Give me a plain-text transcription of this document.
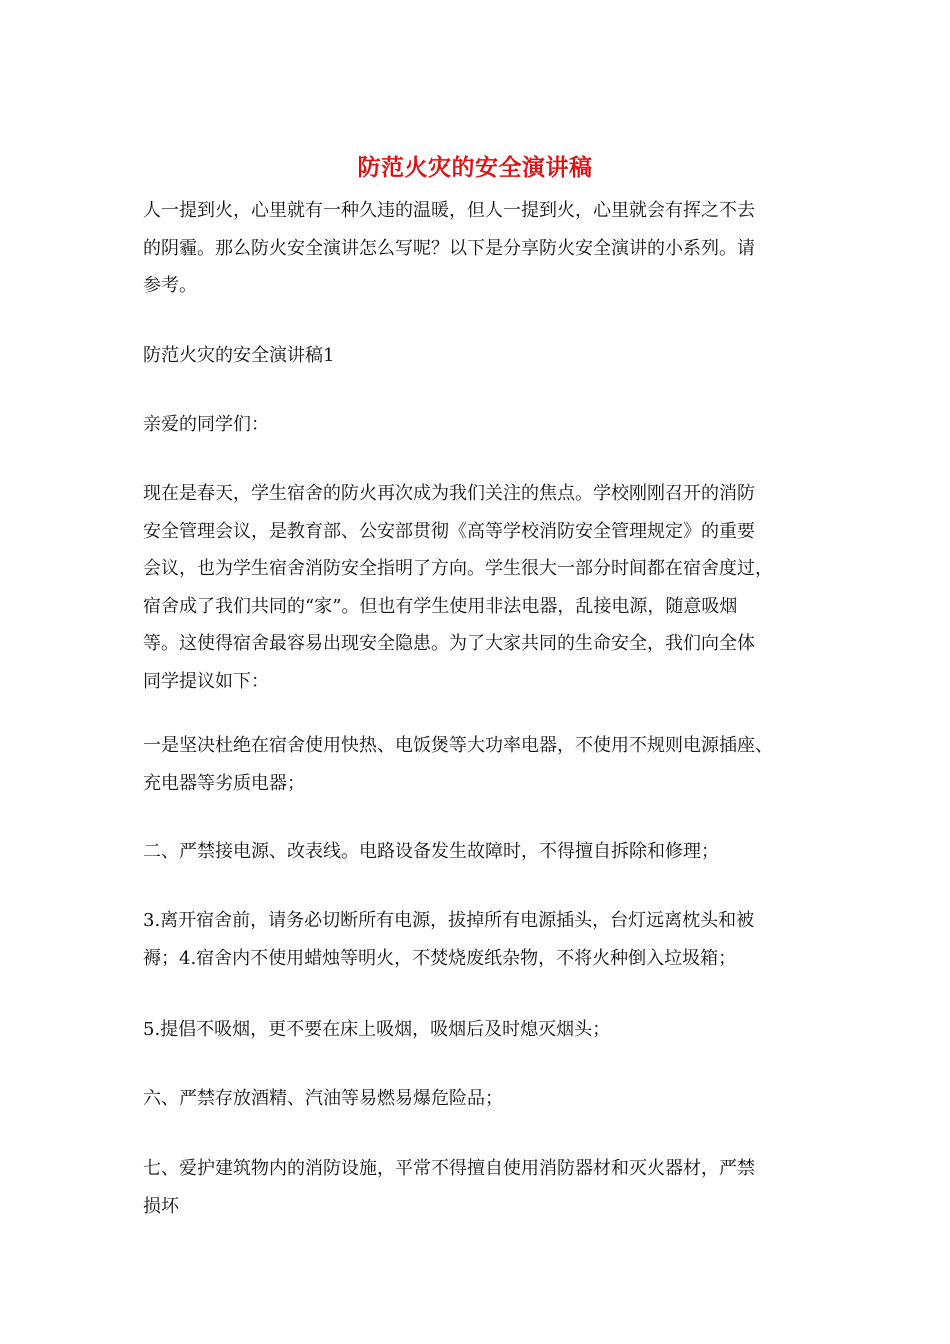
防范火灾的安全演讲稿

人一提到火，心里就有一种久违的温暖，但人一提到火，心里就会有挥之不去
的阴霾。那么防火安全演讲怎么写呢？以下是分享防火安全演讲的小系列。请
参考。

防范火灾的安全演讲稿1

亲爱的同学们：

现在是春天，学生宿舍的防火再次成为我们关注的焦点。学校刚刚召开的消防
安全管理会议，是教育部、公安部贯彻《高等学校消防安全管理规定》的重要
会议，也为学生宿舍消防安全指明了方向。学生很大一部分时间都在宿舍度过，
宿舍成了我们共同的“家”。但也有学生使用非法电器，乱接电源，随意吸烟
等。这使得宿舍最容易出现安全隐患。为了大家共同的生命安全，我们向全体
同学提议如下：

一是坚决杜绝在宿舍使用快热、电饭煲等大功率电器，不使用不规则电源插座、
充电器等劣质电器；

二、严禁接电源、改表线。电路设备发生故障时，不得擅自拆除和修理；

3.离开宿舍前，请务必切断所有电源，拔掉所有电源插头，台灯远离枕头和被
褥；4.宿舍内不使用蜡烛等明火，不焚烧废纸杂物，不将火种倒入垃圾箱；

5.提倡不吸烟，更不要在床上吸烟，吸烟后及时熄灭烟头；

六、严禁存放酒精、汽油等易燃易爆危险品；

七、爱护建筑物内的消防设施，平常不得擅自使用消防器材和灭火器材，严禁
损坏
